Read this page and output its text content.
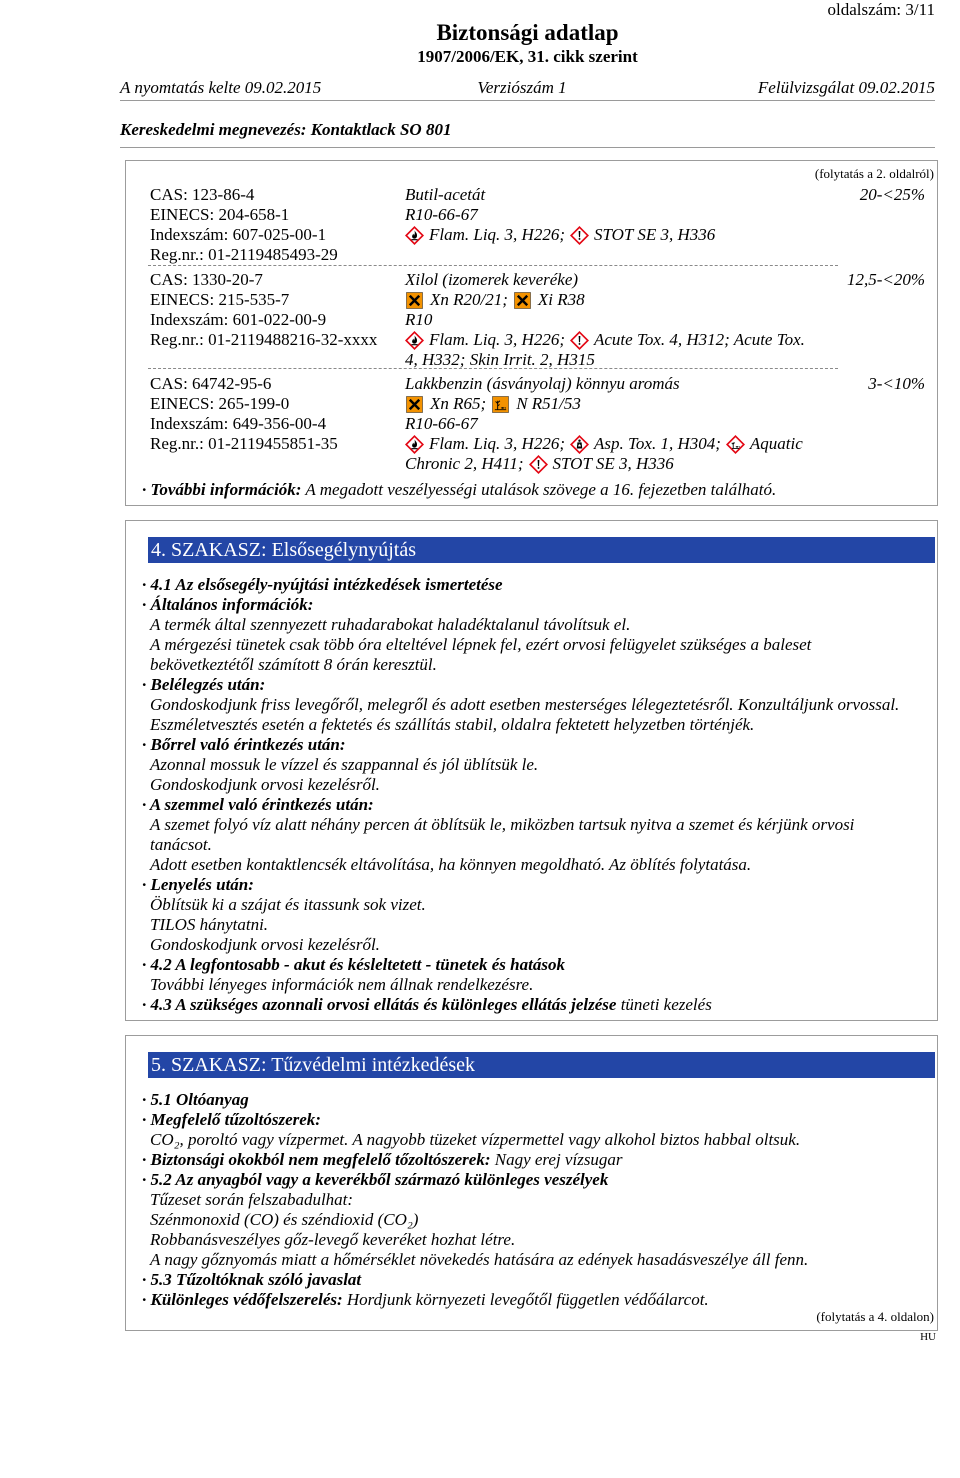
oldalszám: 3/11
Biztonsági adatlap
1907/2006/EK, 31. cikk szerint
A nyomtatás kelte 09.02.2015	Verziószám 1	Felülvizsgálat 09.02.2015
Kereskedelmi megnevezés: Kontaktlack SO 801
(folytatás a 2. oldalról)
CAS: 123-86-4
EINECS: 204-658-1
Indexszám: 607-025-00-1
Reg.nr.: 01-2119485493-29
Butil-acetát
R10-66-67
Flam. Liq. 3, H226; STOT SE 3, H336
20-<25%
CAS: 1330-20-7
EINECS: 215-535-7
Indexszám: 601-022-00-9
Reg.nr.: 01-2119488216-32-xxxx
Xilol (izomerek keveréke)
Xn R20/21; Xi R38
R10
Flam. Liq. 3, H226; Acute Tox. 4, H312; Acute Tox.
4, H332; Skin Irrit. 2, H315
12,5-<20%
CAS: 64742-95-6
EINECS: 265-199-0
Indexszám: 649-356-00-4
Reg.nr.: 01-2119455851-35
Lakkbenzin (ásványolaj) könnyu aromás
Xn R65; N R51/53
R10-66-67
Flam. Liq. 3, H226; Asp. Tox. 1, H304; Aquatic
Chronic 2, H411; STOT SE 3, H336
3-<10%
· További információk: A megadott veszélyességi utalások szövege a 16. fejezetben található.
4. SZAKASZ: Elsősegélynyújtás
· 4.1 Az elsősegély-nyújtási intézkedések ismertetése
· Általános információk:
A termék által szennyezett ruhadarabokat haladéktalanul távolítsuk el.
A mérgezési tünetek csak több óra elteltével lépnek fel, ezért orvosi felügyelet szükséges a baleset
bekövetkeztétől számított 8 órán keresztül.
· Belélegzés után:
Gondoskodjunk friss levegőről, melegről és adott esetben mesterséges lélegeztetésről. Konzultáljunk orvossal.
Eszméletvesztés esetén a fektetés és szállítás stabil, oldalra fektetett helyzetben történjék.
· Bőrrel való érintkezés után:
Azonnal mossuk le vízzel és szappannal és jól üblítsük le.
Gondoskodjunk orvosi kezelésről.
· A szemmel való érintkezés után:
A szemet folyó víz alatt néhány percen át öblítsük le, miközben tartsuk nyitva a szemet és kérjünk orvosi
tanácsot.
Adott esetben kontaktlencsék eltávolítása, ha könnyen megoldható. Az öblítés folytatása.
· Lenyelés után:
Öblítsük ki a szájat és itassunk sok vizet.
TILOS hánytatni.
Gondoskodjunk orvosi kezelésről.
· 4.2 A legfontosabb - akut és késleltetett - tünetek és hatások
További lényeges információk nem állnak rendelkezésre.
· 4.3 A szükséges azonnali orvosi ellátás és különleges ellátás jelzése tüneti kezelés
5. SZAKASZ: Tűzvédelmi intézkedések
· 5.1 Oltóanyag
· Megfelelő tűzoltószerek:
CO₂, poroltó vagy vízpermet. A nagyobb tüzeket vízpermettel vagy alkohol biztos habbal oltsuk.
· Biztonsági okokból nem megfelelő tőzoltószerek: Nagy erej vízsugar
· 5.2 Az anyagból vagy a keverékből származó különleges veszélyek
Tűzeset során felszabadulhat:
Szénmonoxid (CO) és széndioxid (CO₂)
Robbanásveszélyes gőz-levegő keveréket hozhat létre.
A nagy gőznyomás miatt a hőmérséklet növekedés hatására az edények hasadásveszélye áll fenn.
· 5.3 Tűzoltóknak szóló javaslat
· Különleges védőfelszerelés: Hordjunk környezeti levegőtől független védőálarcot.
(folytatás a 4. oldalon)
HU
